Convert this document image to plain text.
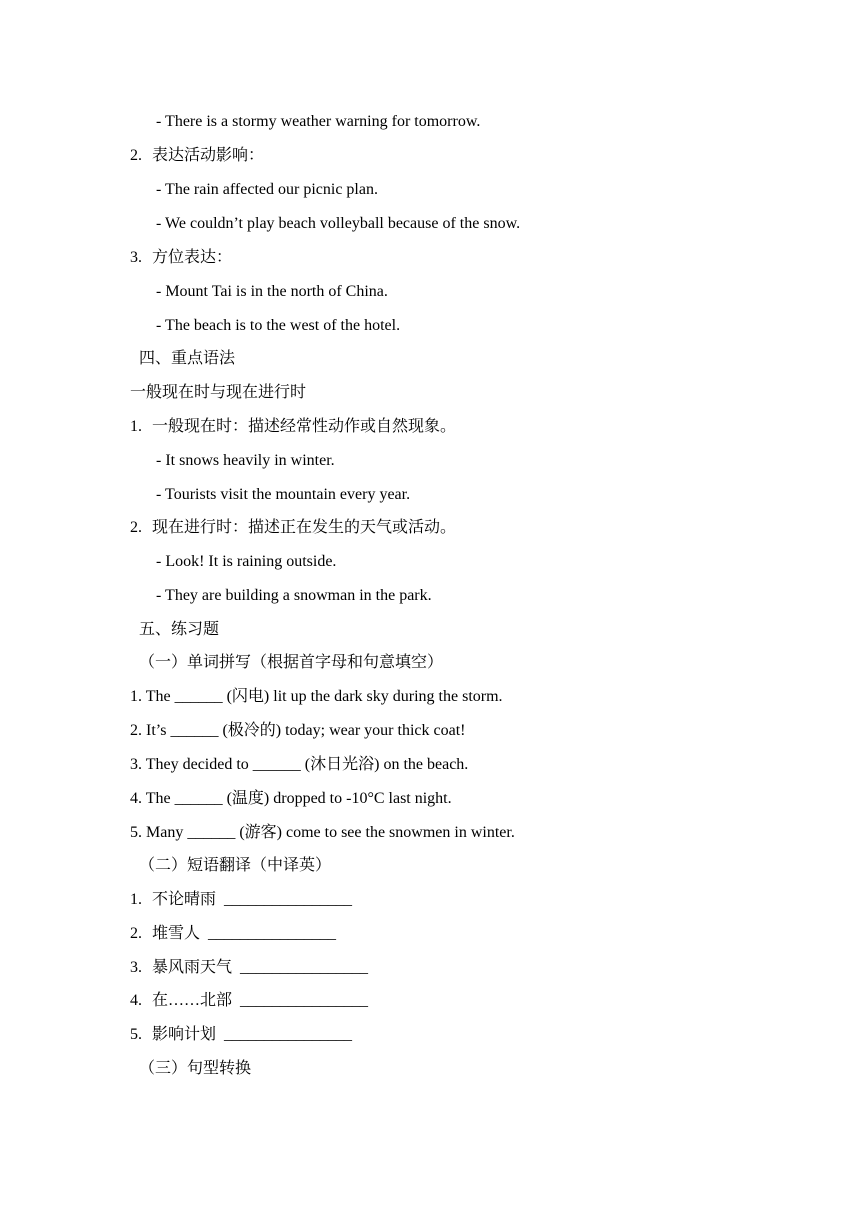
- There is a stormy weather warning for tomorrow.
2. 表达活动影响：
- The rain affected our picnic plan.
- We couldn’t play beach volleyball because of the snow.
3. 方位表达：
- Mount Tai is in the north of China.
- The beach is to the west of the hotel.
四、重点语法
一般现在时与现在进行时
1. 一般现在时：描述经常性动作或自然现象。
- It snows heavily in winter.
- Tourists visit the mountain every year.
2. 现在进行时：描述正在发生的天气或活动。
- Look! It is raining outside.
- They are building a snowman in the park.
五、练习题
（一）单词拼写（根据首字母和句意填空）
1. The ______ (闪电) lit up the dark sky during the storm.
2. It’s ______ (极冷的) today; wear your thick coat!
3. They decided to ______ (沐日光浴) on the beach.
4. The ______ (温度) dropped to -10°C last night.
5. Many ______ (游客) come to see the snowmen in winter.
（二）短语翻译（中译英）
1. 不论晴雨 ________________
2. 堆雪人 ________________
3. 暴风雨天气 ________________
4. 在……北部 ________________
5. 影响计划 ________________
（三）句型转换
